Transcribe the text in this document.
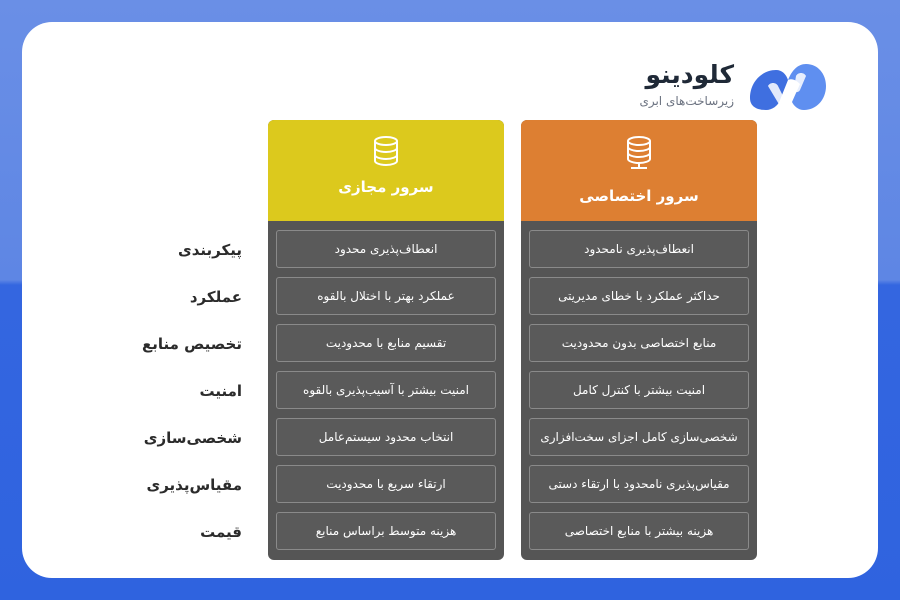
کلودینو
زیرساخت‌های ابری
سرور مجازی
انعطاف‌پذیری محدود
عملکرد بهتر با اختلال بالقوه
تقسیم منابع با محدودیت
امنیت بیشتر با آسیب‌پذیری بالقوه
انتخاب محدود سیستم‌عامل
ارتقاء سریع با محدودیت
هزینه متوسط براساس منابع
سرور اختصاصی
انعطاف‌پذیری نامحدود
حداکثر عملکرد با خطای مدیریتی
منابع اختصاصی بدون محدودیت
امنیت بیشتر با کنترل کامل
شخصی‌سازی کامل اجزای سخت‌افزاری
مقیاس‌پذیری نامحدود با ارتقاء دستی
هزینه بیشتر با منابع اختصاصی
پیکربندی
عملکرد
تخصیص منابع
امنیت
شخصی‌سازی
مقیاس‌پذیری
قیمت
